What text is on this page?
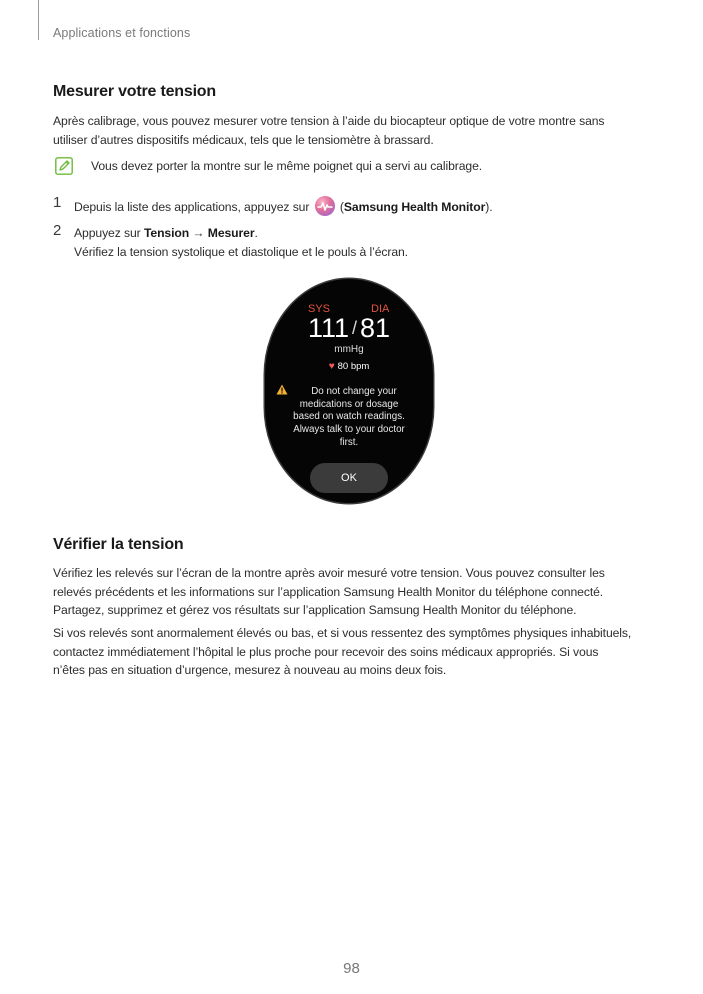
Applications et fonctions
Mesurer votre tension
Après calibrage, vous pouvez mesurer votre tension à l’aide du biocapteur optique de votre montre sans
utiliser d’autres dispositifs médicaux, tels que le tensiomètre à brassard.
Vous devez porter la montre sur le même poignet qui a servi au calibrage.
1 Depuis la liste des applications, appuyez sur	(Samsung Health Monitor).
2 Appuyez sur Tension → Mesurer.
Vérifiez la tension systolique et diastolique et le pouls à l’écran.
SYS	DIA
111 / 81
mmHg
♥ 80 bpm
Do not change your
medications or dosage
based on watch readings.
Always talk to your doctor
first.
OK
Vérifier la tension
Vérifiez les relevés sur l’écran de la montre après avoir mesuré votre tension. Vous pouvez consulter les
relevés précédents et les informations sur l’application Samsung Health Monitor du téléphone connecté.
Partagez, supprimez et gérez vos résultats sur l’application Samsung Health Monitor du téléphone.
Si vos relevés sont anormalement élevés ou bas, et si vous ressentez des symptômes physiques inhabituels,
contactez immédiatement l’hôpital le plus proche pour recevoir des soins médicaux appropriés. Si vous
n’êtes pas en situation d’urgence, mesurez à nouveau au moins deux fois.
98
